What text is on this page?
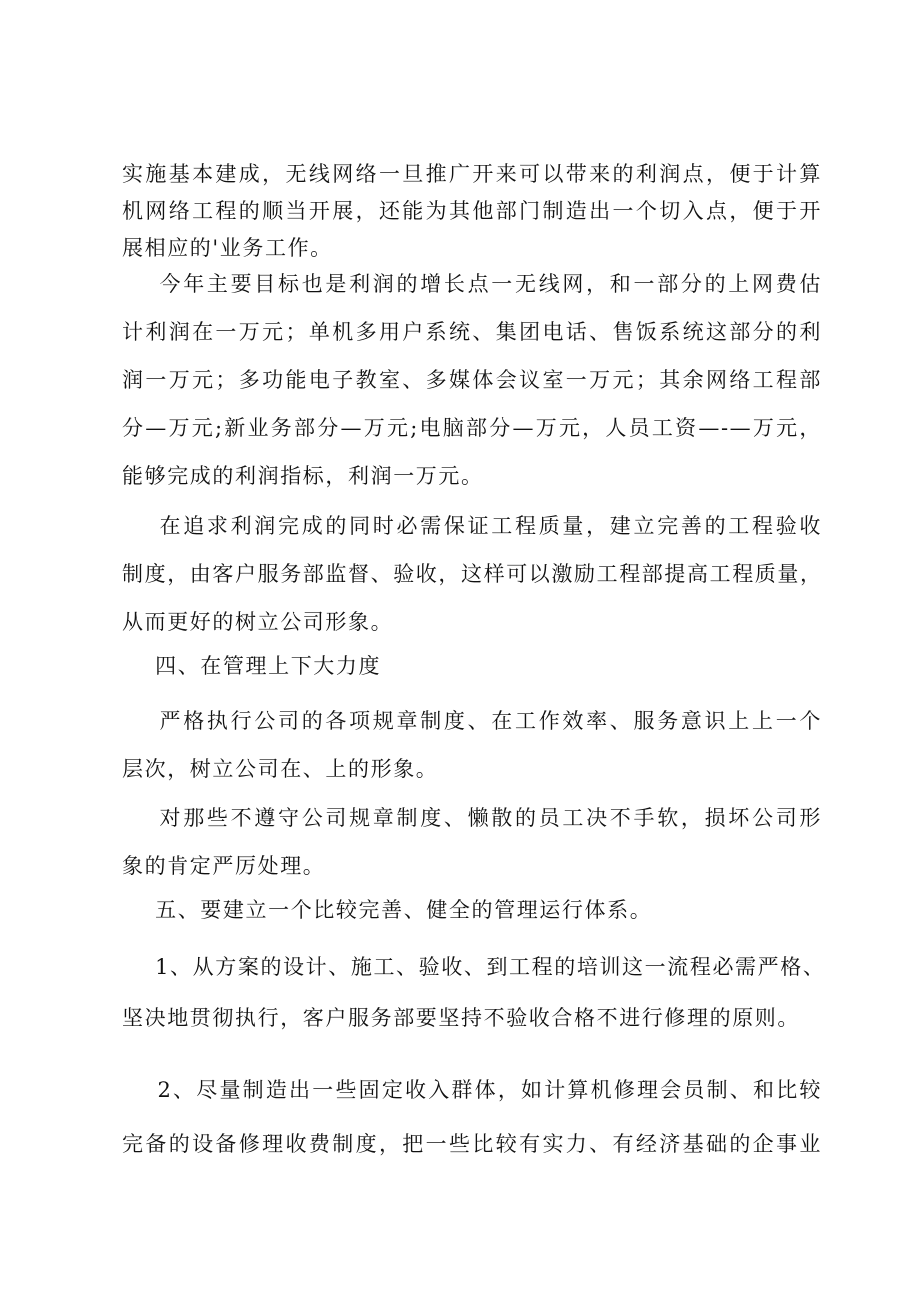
实施基本建成，无线网络一旦推广开来可以带来的利润点，便于计算
机网络工程的顺当开展，还能为其他部门制造出一个切入点，便于开
展相应的'业务工作。

今年主要目标也是利润的增长点一无线网，和一部分的上网费估
计利润在一万元；单机多用户系统、集团电话、售饭系统这部分的利
润一万元；多功能电子教室、多媒体会议室一万元；其余网络工程部
分—万元;新业务部分—万元;电脑部分—万元，人员工资—-—万元，
能够完成的利润指标，利润一万元。

在追求利润完成的同时必需保证工程质量，建立完善的工程验收
制度，由客户服务部监督、验收，这样可以激励工程部提高工程质量，
从而更好的树立公司形象。

四、在管理上下大力度

严格执行公司的各项规章制度、在工作效率、服务意识上上一个
层次，树立公司在、上的形象。

对那些不遵守公司规章制度、懒散的员工决不手软，损坏公司形
象的肯定严厉处理。

五、要建立一个比较完善、健全的管理运行体系。

1、从方案的设计、施工、验收、到工程的培训这一流程必需严格、
坚决地贯彻执行，客户服务部要坚持不验收合格不进行修理的原则。

2、尽量制造出一些固定收入群体，如计算机修理会员制、和比较
完备的设备修理收费制度，把一些比较有实力、有经济基础的企事业
